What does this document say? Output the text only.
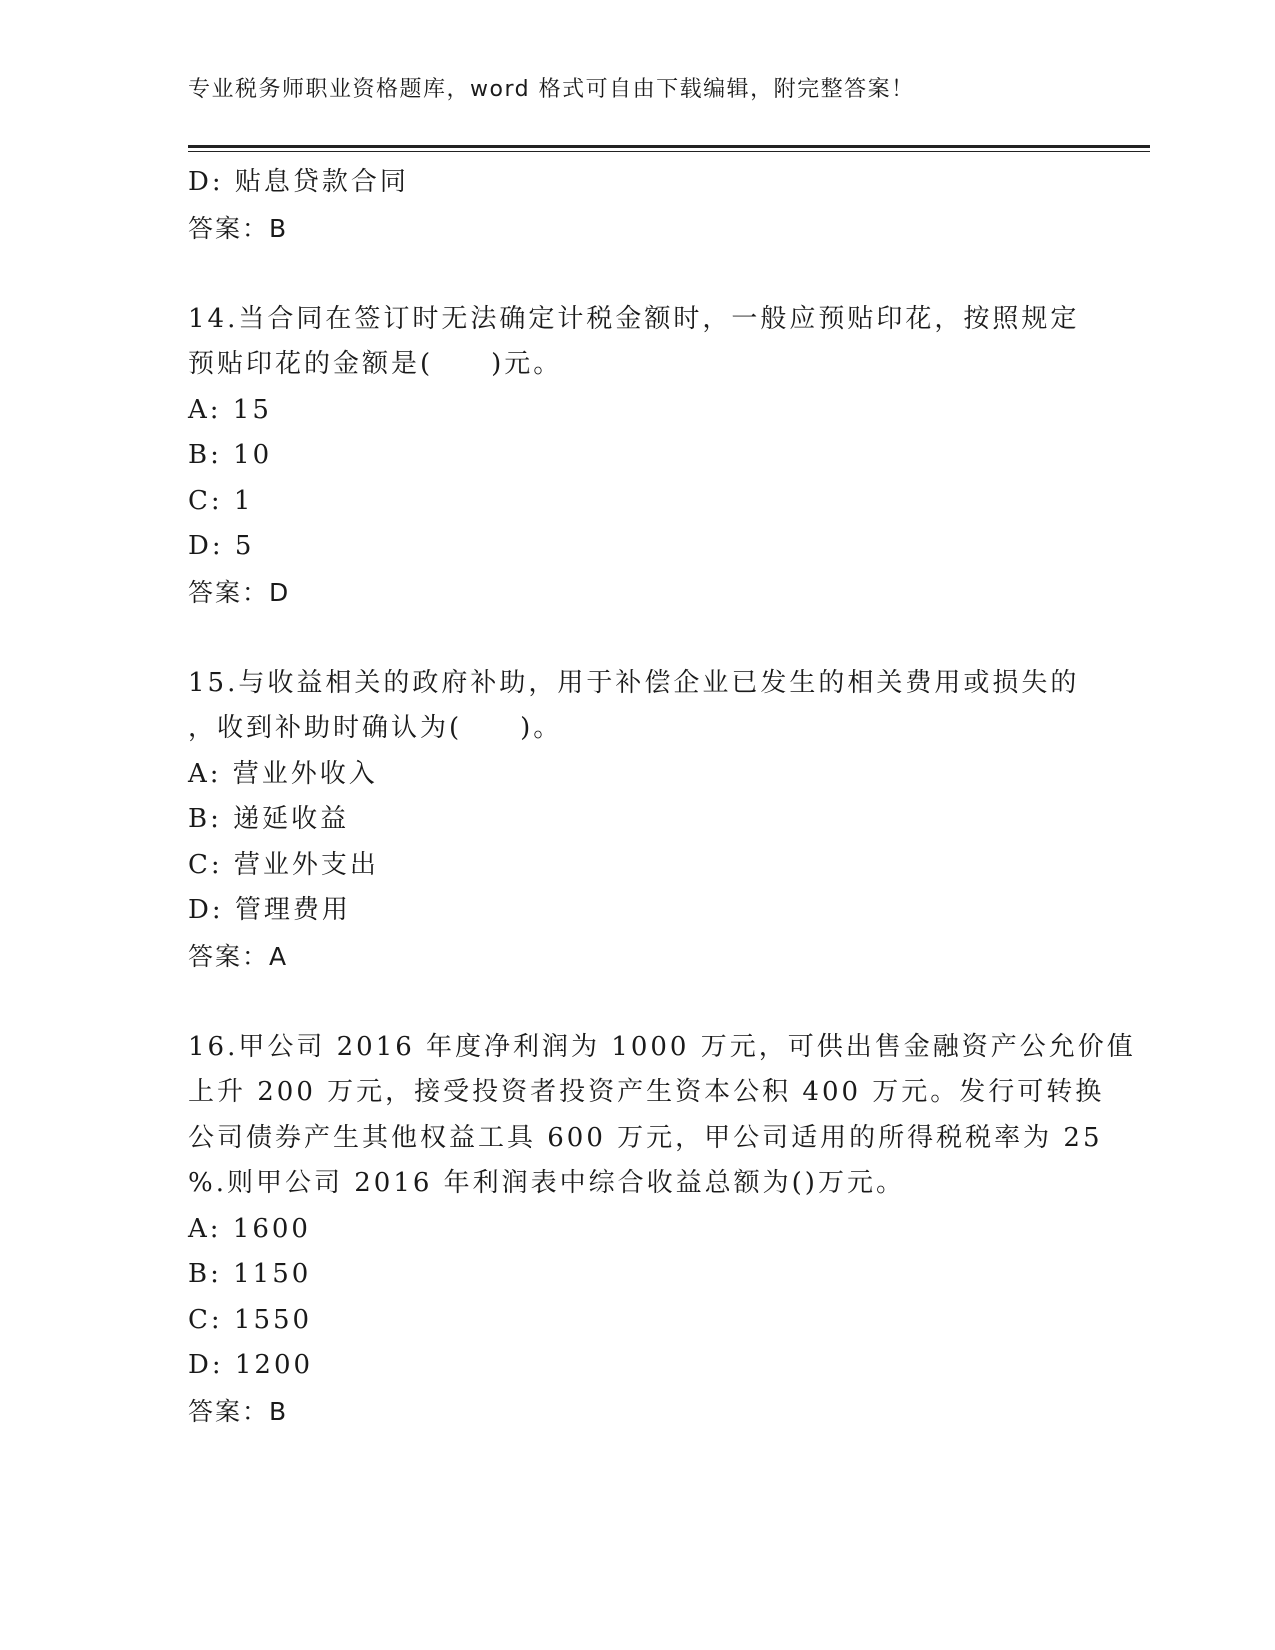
专业税务师职业资格题库，word 格式可自由下载编辑，附完整答案！
D: 贴息贷款合同
答案：B
14.当合同在签订时无法确定计税金额时，一般应预贴印花，按照规定
预贴印花的金额是(　　)元。
A: 15
B: 10
C: 1
D: 5
答案：D
15.与收益相关的政府补助，用于补偿企业已发生的相关费用或损失的
，收到补助时确认为(　　)。
A: 营业外收入
B: 递延收益
C: 营业外支出
D: 管理费用
答案：A
16.甲公司 2016 年度净利润为 1000 万元，可供出售金融资产公允价值
上升 200 万元，接受投资者投资产生资本公积 400 万元。发行可转换
公司债券产生其他权益工具 600 万元，甲公司适用的所得税税率为 25
%.则甲公司 2016 年利润表中综合收益总额为()万元。
A: 1600
B: 1150
C: 1550
D: 1200
答案：B
